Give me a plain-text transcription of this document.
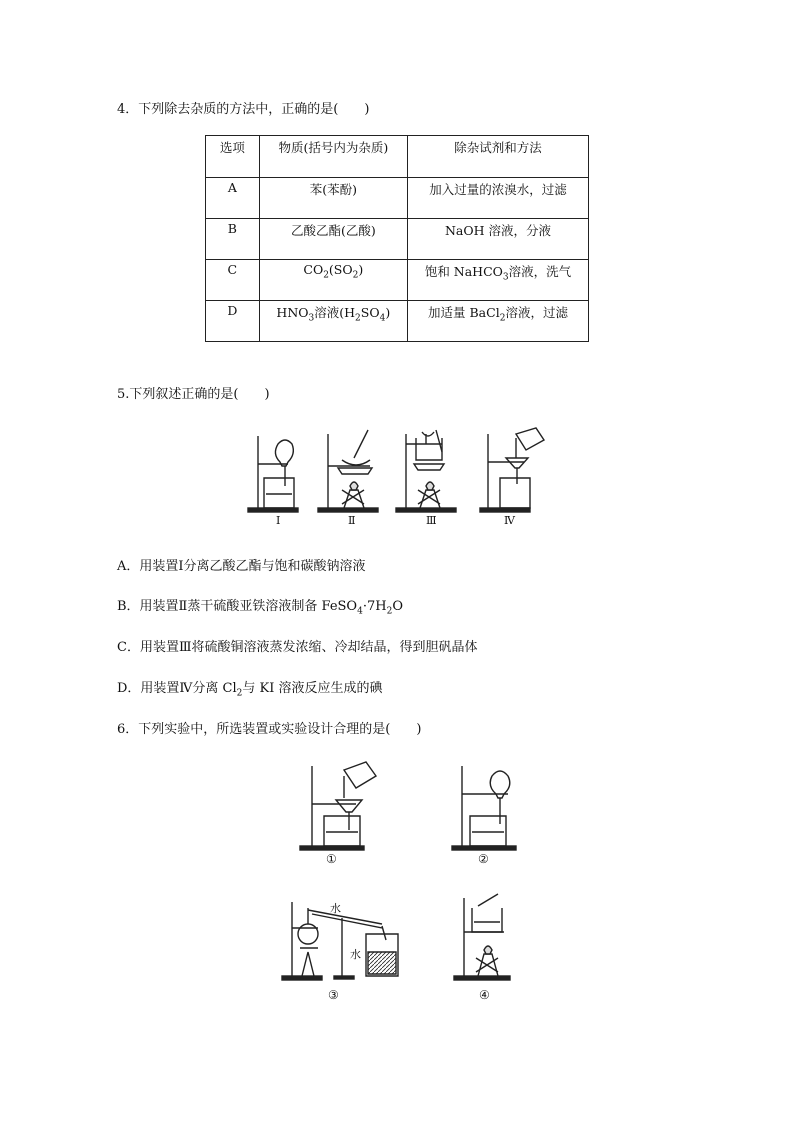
4．下列除去杂质的方法中，正确的是(　　)
选项	物质(括号内为杂质)	除杂试剂和方法
A	苯(苯酚)	加入过量的浓溴水，过滤
B	乙酸乙酯(乙酸)	NaOH 溶液，分液
C	$CO_2(SO_2)$	饱和 NaHCO$_3$溶液，洗气
D	$HNO_3$溶液$(H_2SO_4)$	加适量 BaCl$_2$溶液，过滤
5.下列叙述正确的是(　　)
Ⅰ	Ⅱ	Ⅲ	Ⅳ
A．用装置Ⅰ分离乙酸乙酯与饱和碳酸钠溶液
B．用装置Ⅱ蒸干硫酸亚铁溶液制备 $FeSO_4\cdot 7H_2O$
C．用装置Ⅲ将硫酸铜溶液蒸发浓缩、冷却结晶，得到胆矾晶体
D．用装置Ⅳ分离 $Cl_2$与 KI 溶液反应生成的碘
6．下列实验中，所选装置或实验设计合理的是(　　)
①	②
水
水
③	④
